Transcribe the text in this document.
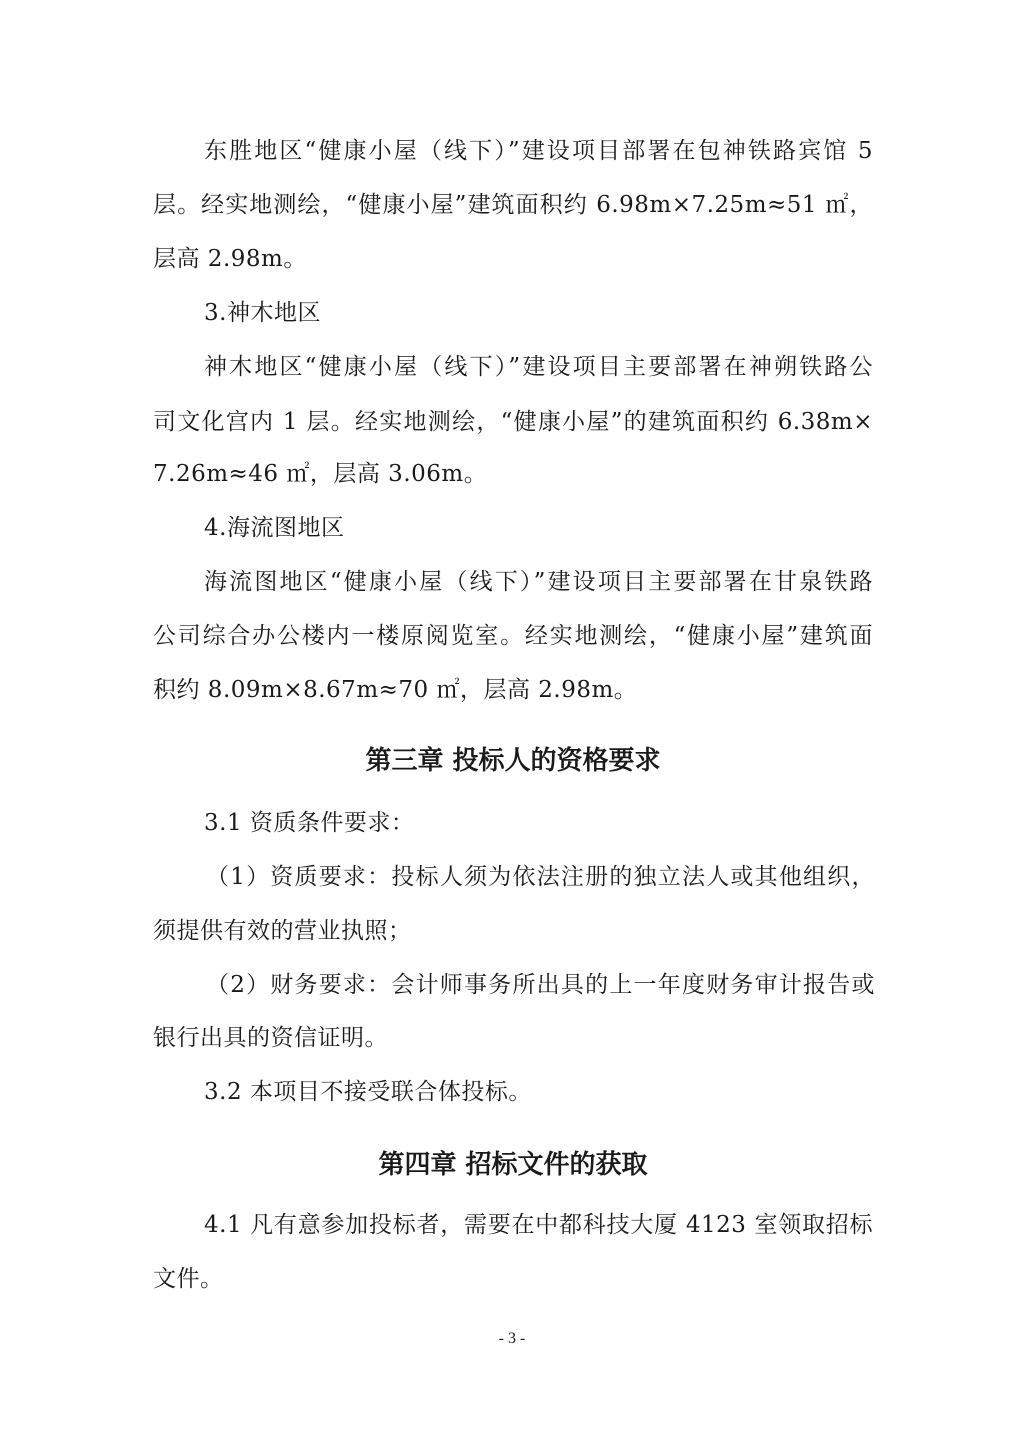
东胜地区“健康小屋（线下）”建设项目部署在包神铁路宾馆 5
层。经实地测绘，“健康小屋”建筑面积约 6.98m×7.25m≈51 ㎡，
层高 2.98m。
3.神木地区
神木地区“健康小屋（线下）”建设项目主要部署在神朔铁路公
司文化宫内 1 层。经实地测绘，“健康小屋”的建筑面积约 6.38m×
7.26m≈46 ㎡，层高 3.06m。
4.海流图地区
海流图地区“健康小屋（线下）”建设项目主要部署在甘泉铁路
公司综合办公楼内一楼原阅览室。经实地测绘，“健康小屋”建筑面
积约 8.09m×8.67m≈70 ㎡，层高 2.98m。
第三章 投标人的资格要求
3.1 资质条件要求：
（1）资质要求：投标人须为依法注册的独立法人或其他组织，
须提供有效的营业执照；
（2）财务要求：会计师事务所出具的上一年度财务审计报告或
银行出具的资信证明。
3.2 本项目不接受联合体投标。
第四章 招标文件的获取
4.1 凡有意参加投标者，需要在中都科技大厦 4123 室领取招标
文件。
- 3 -
